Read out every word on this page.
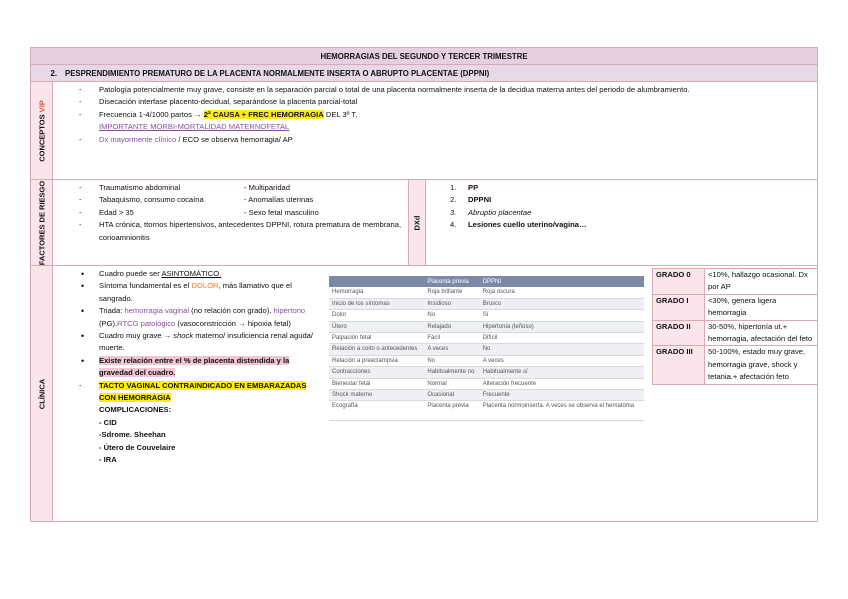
HEMORRAGIAS DEL SEGUNDO Y TERCER TRIMESTRE
2.	PESPRENDIMIENTO PREMATURO DE LA PLACENTA NORMALMENTE INSERTA O ABRUPTO PLACENTAE (DPPNI)
CONCEPTOS VIP
- Patología potencialmente muy grave, consiste en la separación parcial o total de una placenta normalmente inserta de la decidua materna antes del periodo de alumbramiento.
- Disecación interfase placento-decidual, separándose la placenta parcial-total
- Frecuencia 1-4/1000 partos → 2ª CAUSA + FREC HEMORRAGIA DEL 3º T,
IMPORTANTE MORBI-MORTALIDAD MATERNOFETAL
- Dx mayormente clínico / ECO se observa hemorragia/ AP
FACTORES DE RIESGO	- Traumatismo abdominal	- Multiparidad
- Tabaquismo, consumo cocaína	- Anomalías uterinas
- Edad > 35	- Sexo fetal masculino
- HTA crónica, ttornos hipertensivos, antecedentes DPPNI, rotura prematura de membrana, corioamnionitis
DXd
1. PP
2. DPPNI
3. Abruptio placentae
4. Lesiones cuello uterino/vagina…
CLÍNICA
• Cuadro puede ser ASINTOMÁTICO.
• Síntoma fundamental es el DOLOR, más llamativo que el sangrado.
• Triada: hemorragia vaginal (no relación con grado), hipertono (PG),RTCG patológico (vasoconstricción → hipoxia fetal)
• Cuadro muy grave → shock materno/ insuficiencia renal aguda/ muerte.
• Existe relación entre el % de placenta distendida y la gravedad del cuadro.
- TACTO VAGINAL CONTRAINDICADO EN EMBARAZADAS CON HEMORRAGIA
COMPLICACIONES:
- CID
-Sdrome. Sheehan
- Útero de Couvelaire
- IRA
	Placenta previa	DPPNI
Hemorragia	Roja brillante	Roja oscura
Inicio de los síntomas	Insidioso	Brusco
Dolor	No	Sí
Útero	Relajado	Hipertonía (leñoso)
Palpación fetal	Fácil	Difícil
Relación a coito o antecedentes	A veces	No
Relación a preeclampsia	No	A veces
Contracciones	Habitualmente no	Habitualmente sí
Bienestar fetal	Normal	Alteración frecuente
Shock materno	Ocasional	Frecuente
Ecografía	Placenta previa	Placenta normoinserta. A veces se observa el hematoma
GRADO 0	<10%, hallazgo ocasional. Dx por AP
GRADO I	<30%, genera ligera hemorragia
GRADO II	30-50%, hipertonía ut.+ hemorragia, afectación del feto
GRADO III	50-100%, estado muy grave, hemorragia grave, shock y tetania.+ afectación feto
